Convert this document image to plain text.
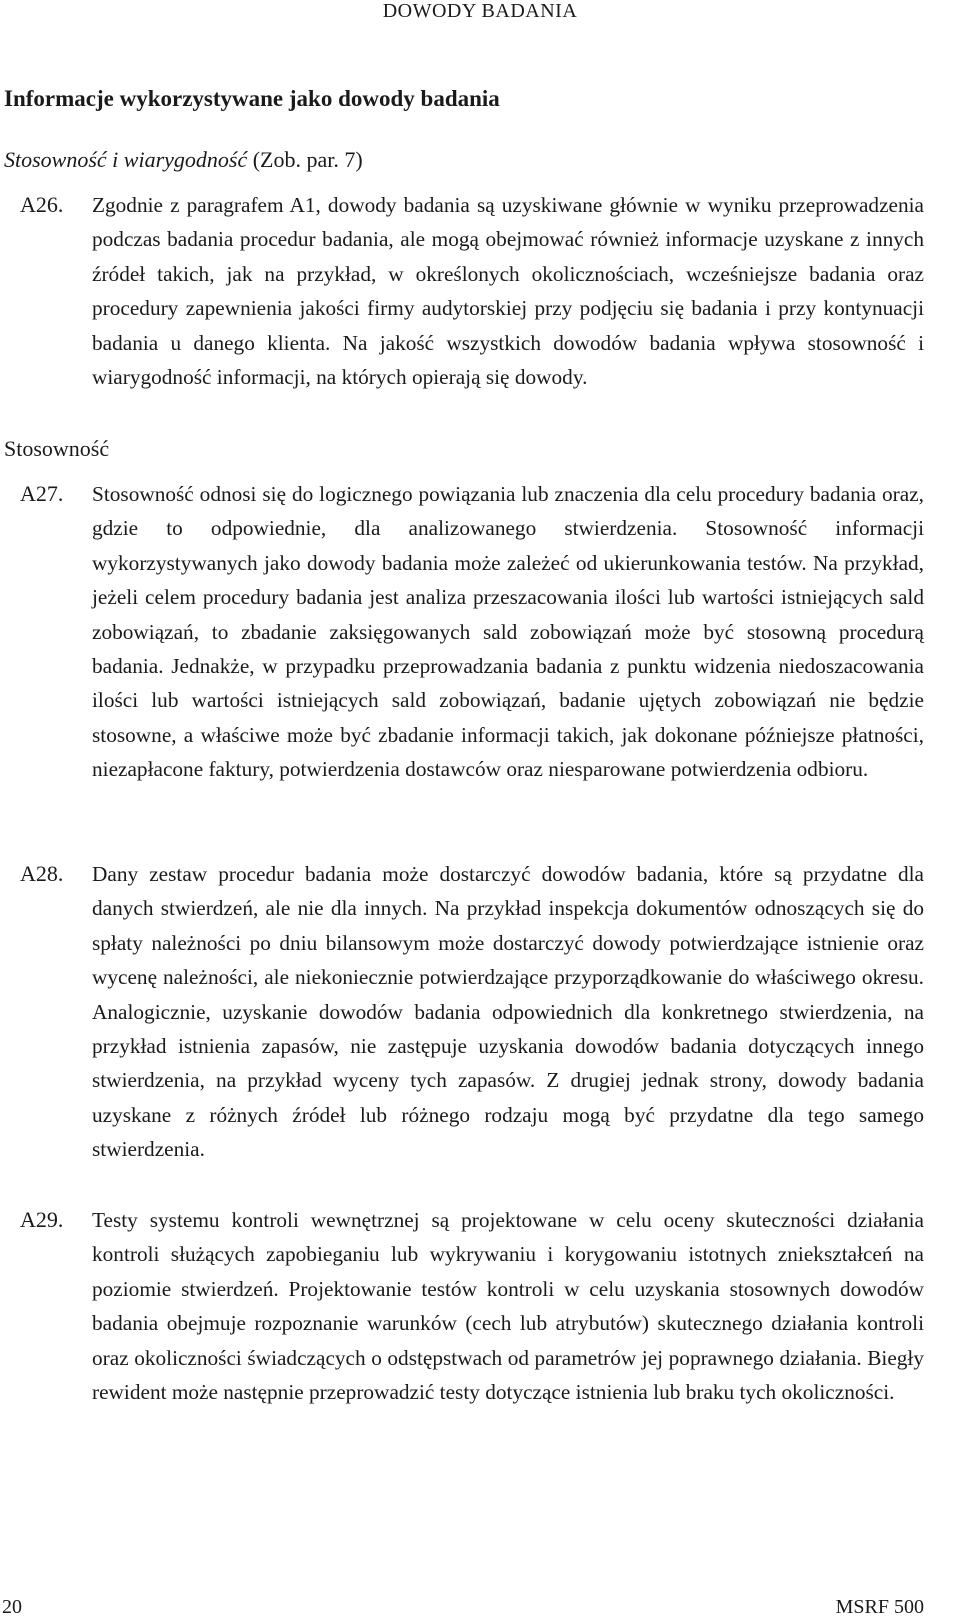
DOWODY BADANIA
Informacje wykorzystywane jako dowody badania
Stosowność i wiarygodność (Zob. par. 7)
A26. Zgodnie z paragrafem A1, dowody badania są uzyskiwane głównie w wyniku przeprowadzenia podczas badania procedur badania, ale mogą obejmować również informacje uzyskane z innych źródeł takich, jak na przykład, w określonych okolicznościach, wcześniejsze badania oraz procedury zapewnienia jakości firmy audytorskiej przy podjęciu się badania i przy kontynuacji badania u danego klienta. Na jakość wszystkich dowodów badania wpływa stosowność i wiarygodność informacji, na których opierają się dowody.
Stosowność
A27. Stosowność odnosi się do logicznego powiązania lub znaczenia dla celu procedury badania oraz, gdzie to odpowiednie, dla analizowanego stwierdzenia. Stosowność informacji wykorzystywanych jako dowody badania może zależeć od ukierunkowania testów. Na przykład, jeżeli celem procedury badania jest analiza przeszacowania ilości lub wartości istniejących sald zobowiązań, to zbadanie zaksięgowanych sald zobowiązań może być stosowną procedurą badania. Jednakże, w przypadku przeprowadzania badania z punktu widzenia niedoszacowania ilości lub wartości istniejących sald zobowiązań, badanie ujętych zobowiązań nie będzie stosowne, a właściwe może być zbadanie informacji takich, jak dokonane późniejsze płatności, niezapłacone faktury, potwierdzenia dostawców oraz niesparowane potwierdzenia odbioru.
A28. Dany zestaw procedur badania może dostarczyć dowodów badania, które są przydatne dla danych stwierdzeń, ale nie dla innych. Na przykład inspekcja dokumentów odnoszących się do spłaty należności po dniu bilansowym może dostarczyć dowody potwierdzające istnienie oraz wycenę należności, ale niekoniecznie potwierdzające przyporządkowanie do właściwego okresu. Analogicznie, uzyskanie dowodów badania odpowiednich dla konkretnego stwierdzenia, na przykład istnienia zapasów, nie zastępuje uzyskania dowodów badania dotyczących innego stwierdzenia, na przykład wyceny tych zapasów. Z drugiej jednak strony, dowody badania uzyskane z różnych źródeł lub różnego rodzaju mogą być przydatne dla tego samego stwierdzenia.
A29. Testy systemu kontroli wewnętrznej są projektowane w celu oceny skuteczności działania kontroli służących zapobieganiu lub wykrywaniu i korygowaniu istotnych zniekształceń na poziomie stwierdzeń. Projektowanie testów kontroli w celu uzyskania stosownych dowodów badania obejmuje rozpoznanie warunków (cech lub atrybutów) skutecznego działania kontroli oraz okoliczności świadczących o odstępstwach od parametrów jej poprawnego działania. Biegły rewident może następnie przeprowadzić testy dotyczące istnienia lub braku tych okoliczności.
20	MSRF 500
